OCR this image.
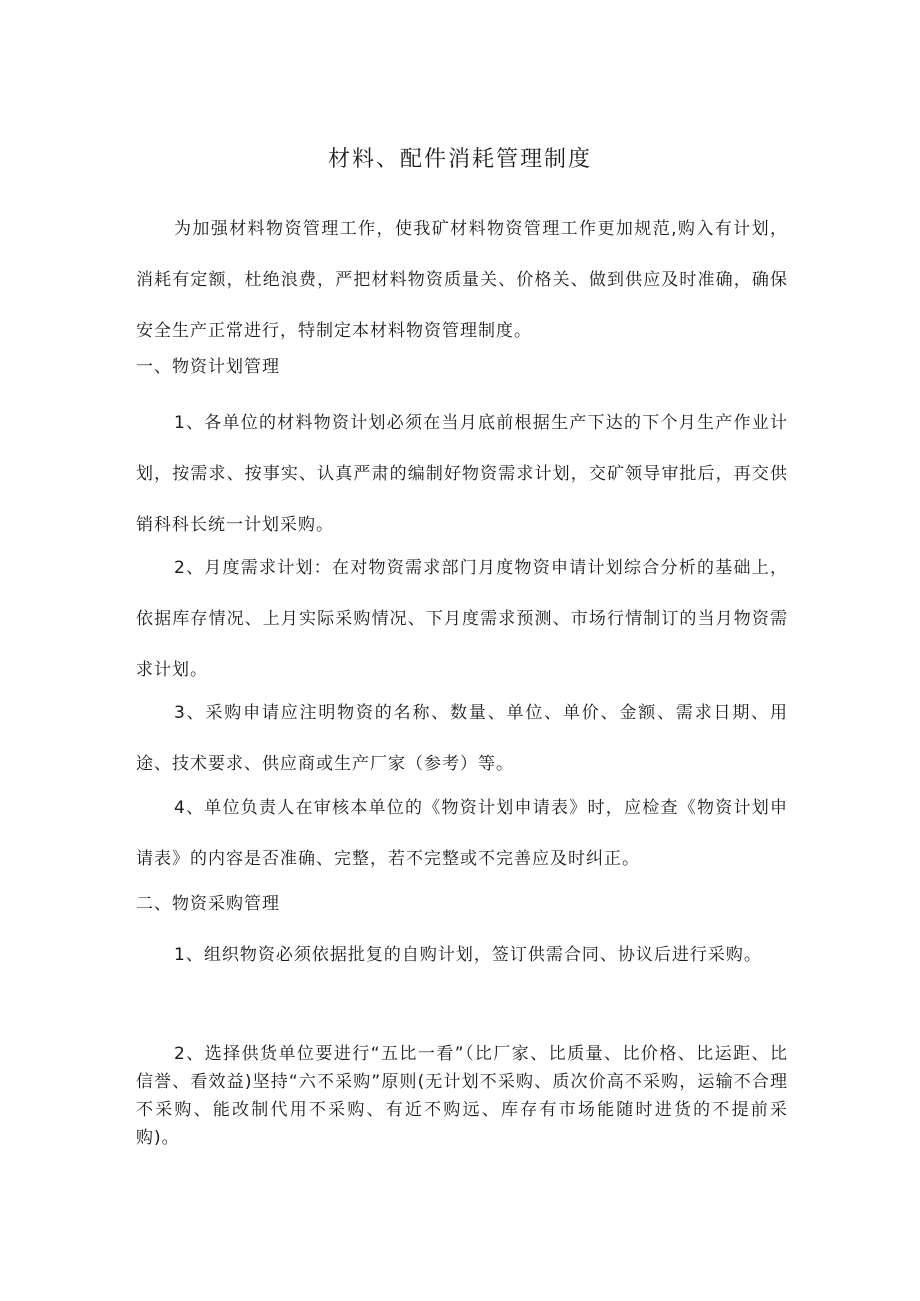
材料、配件消耗管理制度

为加强材料物资管理工作，使我矿材料物资管理工作更加规范,购入有计划，消耗有定额，杜绝浪费，严把材料物资质量关、价格关、做到供应及时准确，确保安全生产正常进行，特制定本材料物资管理制度。

一、物资计划管理

1、各单位的材料物资计划必须在当月底前根据生产下达的下个月生产作业计划，按需求、按事实、认真严肃的编制好物资需求计划，交矿领导审批后，再交供销科科长统一计划采购。

2、月度需求计划：在对物资需求部门月度物资申请计划综合分析的基础上，依据库存情况、上月实际采购情况、下月度需求预测、市场行情制订的当月物资需求计划。

3、采购申请应注明物资的名称、数量、单位、单价、金额、需求日期、用途、技术要求、供应商或生产厂家（参考）等。

4、单位负责人在审核本单位的《物资计划申请表》时，应检查《物资计划申请表》的内容是否准确、完整，若不完整或不完善应及时纠正。

二、物资采购管理

1、组织物资必须依据批复的自购计划，签订供需合同、协议后进行采购。

2、选择供货单位要进行“五比一看”（比厂家、比质量、比价格、比运距、比信誉、看效益)坚持“六不采购”原则(无计划不采购、质次价高不采购，运输不合理不采购、能改制代用不采购、有近不购远、库存有市场能随时进货的不提前采购)。
